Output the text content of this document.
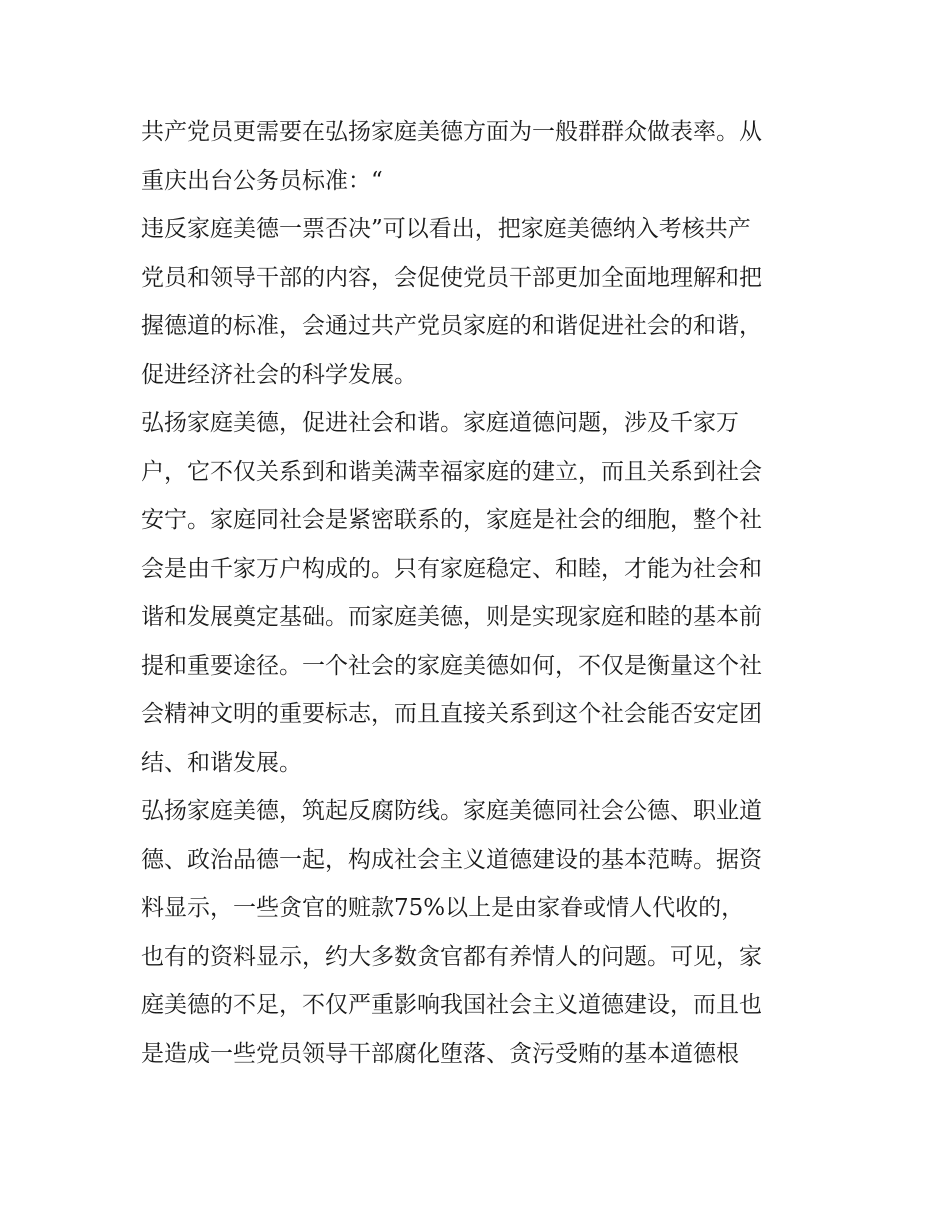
共产党员更需要在弘扬家庭美德方面为一般群群众做表率。从
重庆出台公务员标准：“
违反家庭美德一票否决”可以看出，把家庭美德纳入考核共产
党员和领导干部的内容，会促使党员干部更加全面地理解和把
握德道的标准，会通过共产党员家庭的和谐促进社会的和谐，
促进经济社会的科学发展。
弘扬家庭美德，促进社会和谐。家庭道德问题，涉及千家万
户，它不仅关系到和谐美满幸福家庭的建立，而且关系到社会
安宁。家庭同社会是紧密联系的，家庭是社会的细胞，整个社
会是由千家万户构成的。只有家庭稳定、和睦，才能为社会和
谐和发展奠定基础。而家庭美德，则是实现家庭和睦的基本前
提和重要途径。一个社会的家庭美德如何，不仅是衡量这个社
会精神文明的重要标志，而且直接关系到这个社会能否安定团
结、和谐发展。
弘扬家庭美德，筑起反腐防线。家庭美德同社会公德、职业道
德、政治品德一起，构成社会主义道德建设的基本范畴。据资
料显示，一些贪官的赃款75%以上是由家眷或情人代收的，
也有的资料显示，约大多数贪官都有养情人的问题。可见，家
庭美德的不足，不仅严重影响我国社会主义道德建设，而且也
是造成一些党员领导干部腐化堕落、贪污受贿的基本道德根
